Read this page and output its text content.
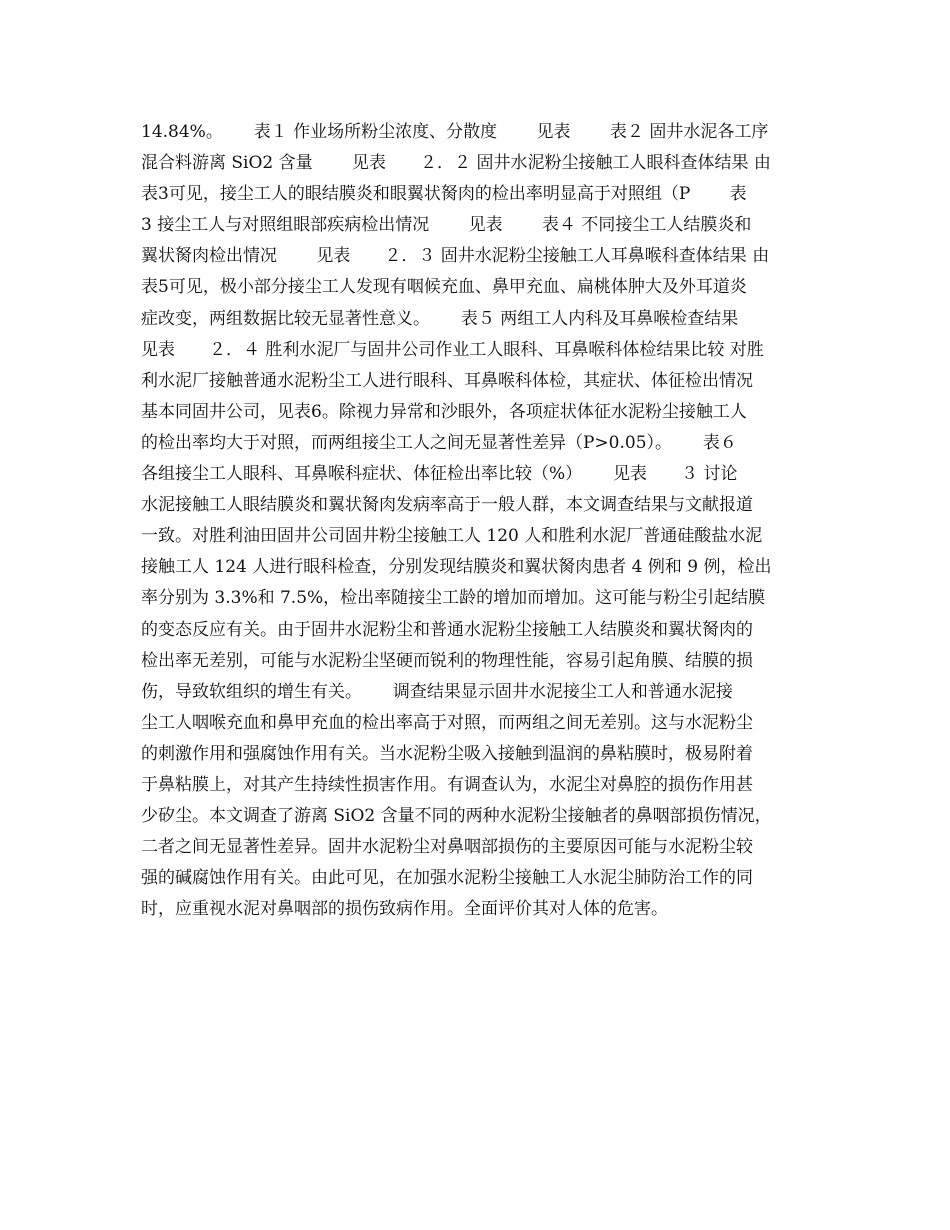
14.84%。　　 表１ 作业场所粉尘浓度、分散度　　 见表　　 表２ 固井水泥各工序
混合料游离 SiO2 含量　　 见表　　２．２ 固井水泥粉尘接触工人眼科查体结果 由
表3可见，接尘工人的眼结膜炎和眼翼状胬肉的检出率明显高于对照组（P　　 表
3 接尘工人与对照组眼部疾病检出情况　　 见表　　 表４ 不同接尘工人结膜炎和
翼状胬肉检出情况　　 见表　　２．３ 固井水泥粉尘接触工人耳鼻喉科查体结果 由
表5可见，极小部分接尘工人发现有咽候充血、鼻甲充血、扁桃体肿大及外耳道炎
症改变，两组数据比较无显著性意义。　　 表５ 两组工人内科及耳鼻喉检查结果
见表　　２．４ 胜利水泥厂与固井公司作业工人眼科、耳鼻喉科体检结果比较 对胜
利水泥厂接触普通水泥粉尘工人进行眼科、耳鼻喉科体检，其症状、体征检出情况
基本同固井公司，见表6。除视力异常和沙眼外，各项症状体征水泥粉尘接触工人
的检出率均大于对照，而两组接尘工人之间无显著性差异（P>0.05）。　　 表６
各组接尘工人眼科、耳鼻喉科症状、体征检出率比较（%）　　 见表　　３ 讨论
水泥接触工人眼结膜炎和翼状胬肉发病率高于一般人群，本文调查结果与文献报道
一致。对胜利油田固井公司固井粉尘接触工人 120 人和胜利水泥厂普通硅酸盐水泥
接触工人 124 人进行眼科检查，分别发现结膜炎和翼状胬肉患者 4 例和 9 例，检出
率分别为 3.3%和 7.5%，检出率随接尘工龄的增加而增加。这可能与粉尘引起结膜
的变态反应有关。由于固井水泥粉尘和普通水泥粉尘接触工人结膜炎和翼状胬肉的
检出率无差别，可能与水泥粉尘坚硬而锐利的物理性能，容易引起角膜、结膜的损
伤，导致软组织的增生有关。　　 调查结果显示固井水泥接尘工人和普通水泥接
尘工人咽喉充血和鼻甲充血的检出率高于对照，而两组之间无差别。这与水泥粉尘
的刺激作用和强腐蚀作用有关。当水泥粉尘吸入接触到温润的鼻粘膜时，极易附着
于鼻粘膜上，对其产生持续性损害作用。有调查认为，水泥尘对鼻腔的损伤作用甚
少矽尘。本文调查了游离 SiO2 含量不同的两种水泥粉尘接触者的鼻咽部损伤情况，
二者之间无显著性差异。固井水泥粉尘对鼻咽部损伤的主要原因可能与水泥粉尘较
强的碱腐蚀作用有关。由此可见，在加强水泥粉尘接触工人水泥尘肺防治工作的同
时，应重视水泥对鼻咽部的损伤致病作用。全面评价其对人体的危害。
